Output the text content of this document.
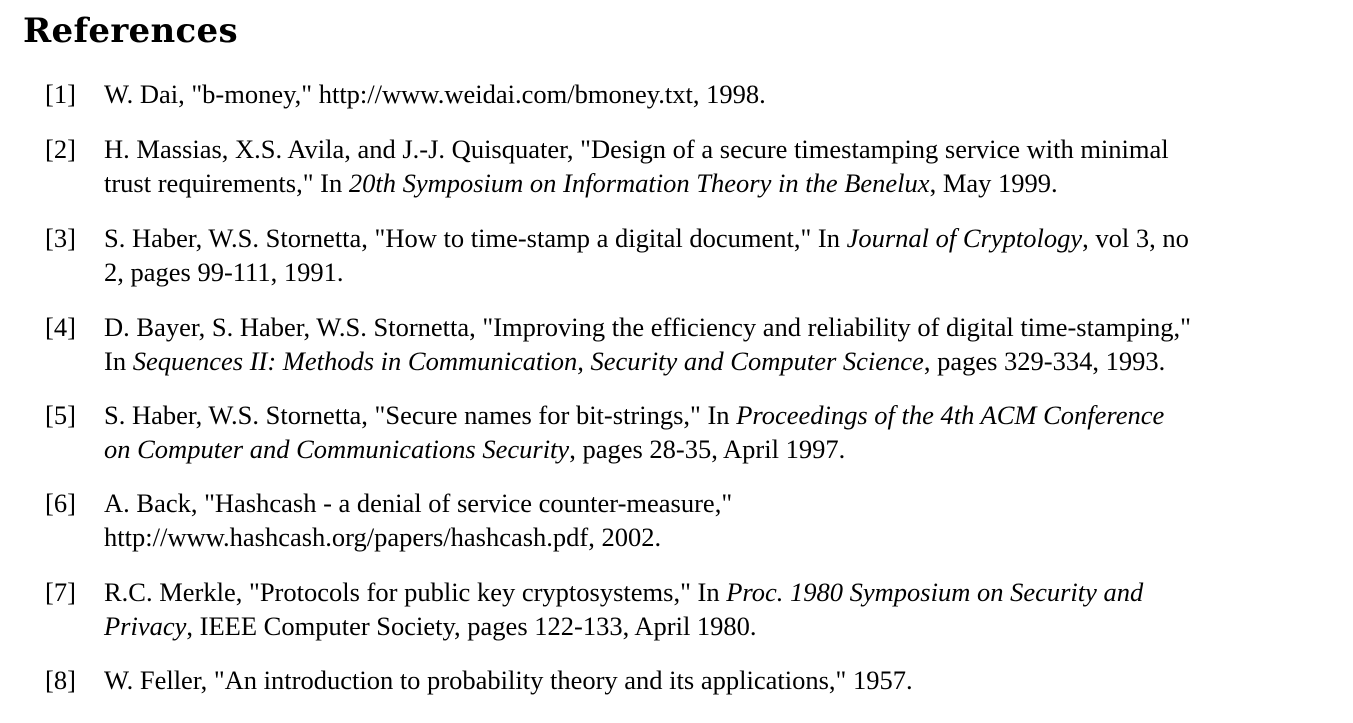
References
[1] W. Dai, "b-money," http://www.weidai.com/bmoney.txt, 1998.
[2] H. Massias, X.S. Avila, and J.-J. Quisquater, "Design of a secure timestamping service with minimal
trust requirements," In 20th Symposium on Information Theory in the Benelux, May 1999.
[3] S. Haber, W.S. Stornetta, "How to time-stamp a digital document," In Journal of Cryptology, vol 3, no
2, pages 99-111, 1991.
[4] D. Bayer, S. Haber, W.S. Stornetta, "Improving the efficiency and reliability of digital time-stamping,"
In Sequences II: Methods in Communication, Security and Computer Science, pages 329-334, 1993.
[5] S. Haber, W.S. Stornetta, "Secure names for bit-strings," In Proceedings of the 4th ACM Conference
on Computer and Communications Security, pages 28-35, April 1997.
[6] A. Back, "Hashcash - a denial of service counter-measure,"
http://www.hashcash.org/papers/hashcash.pdf, 2002.
[7] R.C. Merkle, "Protocols for public key cryptosystems," In Proc. 1980 Symposium on Security and
Privacy, IEEE Computer Society, pages 122-133, April 1980.
[8] W. Feller, "An introduction to probability theory and its applications," 1957.
